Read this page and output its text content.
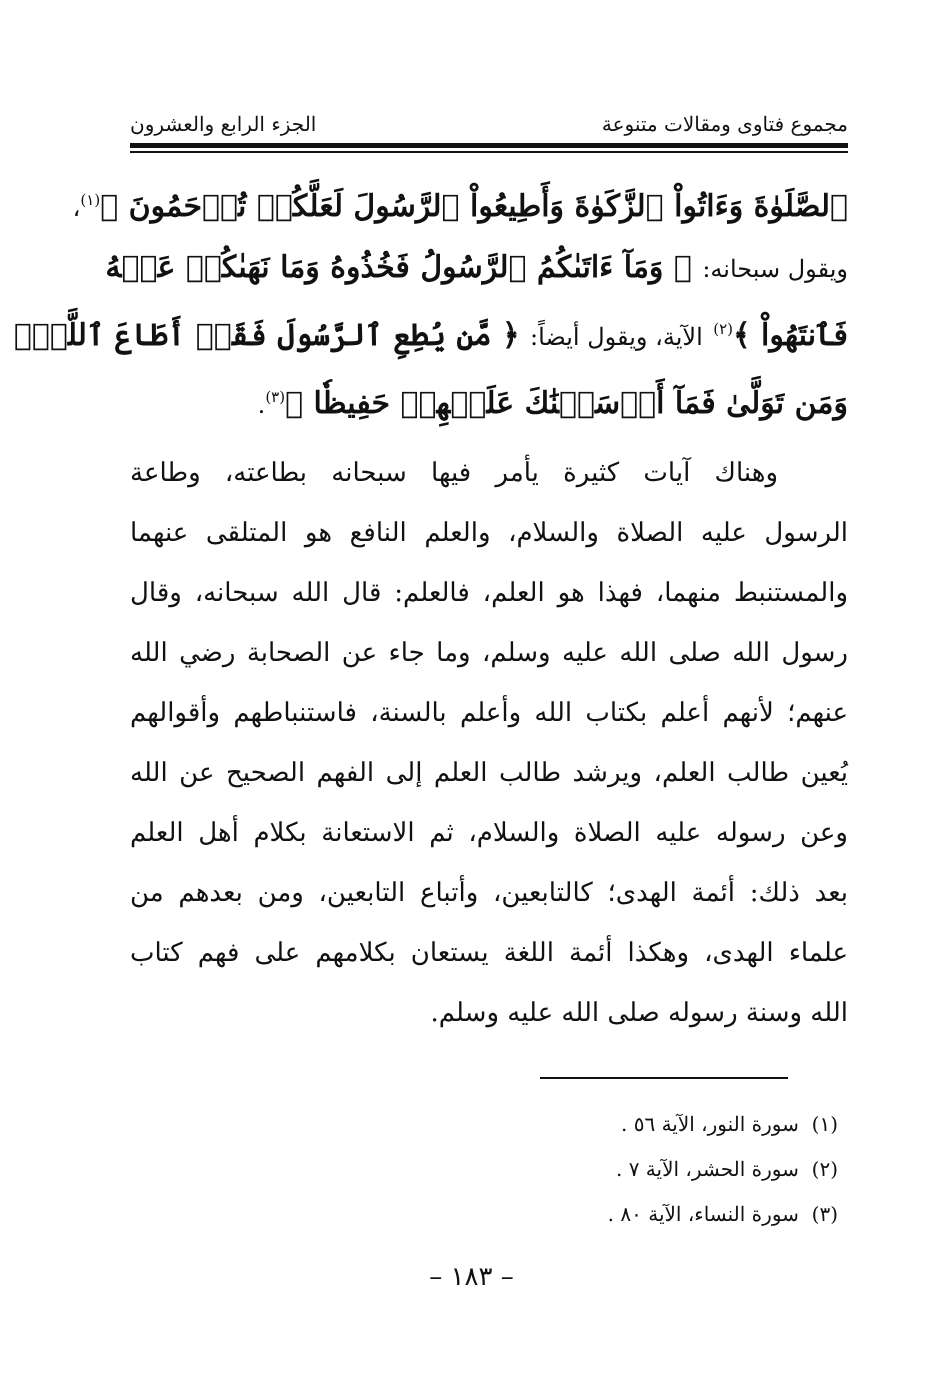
مجموع فتاوى ومقالات متنوعة
الجزء الرابع والعشرون
ٱلصَّلَوٰةَ وَءَاتُواْ ٱلزَّكَوٰةَ وَأَطِيعُواْ ٱلرَّسُولَ لَعَلَّكُمۡ تُرۡحَمُونَ ﴾$^{(١)}$،
ويقول سبحانه: ﴿ وَمَآ ءَاتَىٰكُمُ ٱلرَّسُولُ فَخُذُوهُ وَمَا نَهَىٰكُمۡ عَنۡهُ
فَٱنتَهُواْ ﴾$^{(٢)}$ الآية، ويقول أيضاً: ﴿ مَّن يُطِعِ ٱلرَّسُولَ فَقَدۡ أَطَاعَ ٱللَّهَۖ
وَمَن تَوَلَّىٰ فَمَآ أَرۡسَلۡنَٰكَ عَلَيۡهِمۡ حَفِيظٗا ﴾$^{(٣)}$.
وهناك آيات كثيرة يأمر فيها سبحانه بطاعته، وطاعة
الرسول عليه الصلاة والسلام، والعلم النافع هو المتلقى عنهما
والمستنبط منهما، فهذا هو العلم، فالعلم: قال الله سبحانه، وقال
رسول الله صلى الله عليه وسلم، وما جاء عن الصحابة رضي الله
عنهم؛ لأنهم أعلم بكتاب الله وأعلم بالسنة، فاستنباطهم وأقوالهم
يُعين طالب العلم، ويرشد طالب العلم إلى الفهم الصحيح عن الله
وعن رسوله عليه الصلاة والسلام، ثم الاستعانة بكلام أهل العلم
بعد ذلك: أئمة الهدى؛ كالتابعين، وأتباع التابعين، ومن بعدهم من
علماء الهدى، وهكذا أئمة اللغة يستعان بكلامهم على فهم كتاب
الله وسنة رسوله صلى الله عليه وسلم.
(١)  سورة النور، الآية ٥٦ .
(٢)  سورة الحشر، الآية ٧ .
(٣)  سورة النساء، الآية ٨٠ .
– ١٨٣ –
